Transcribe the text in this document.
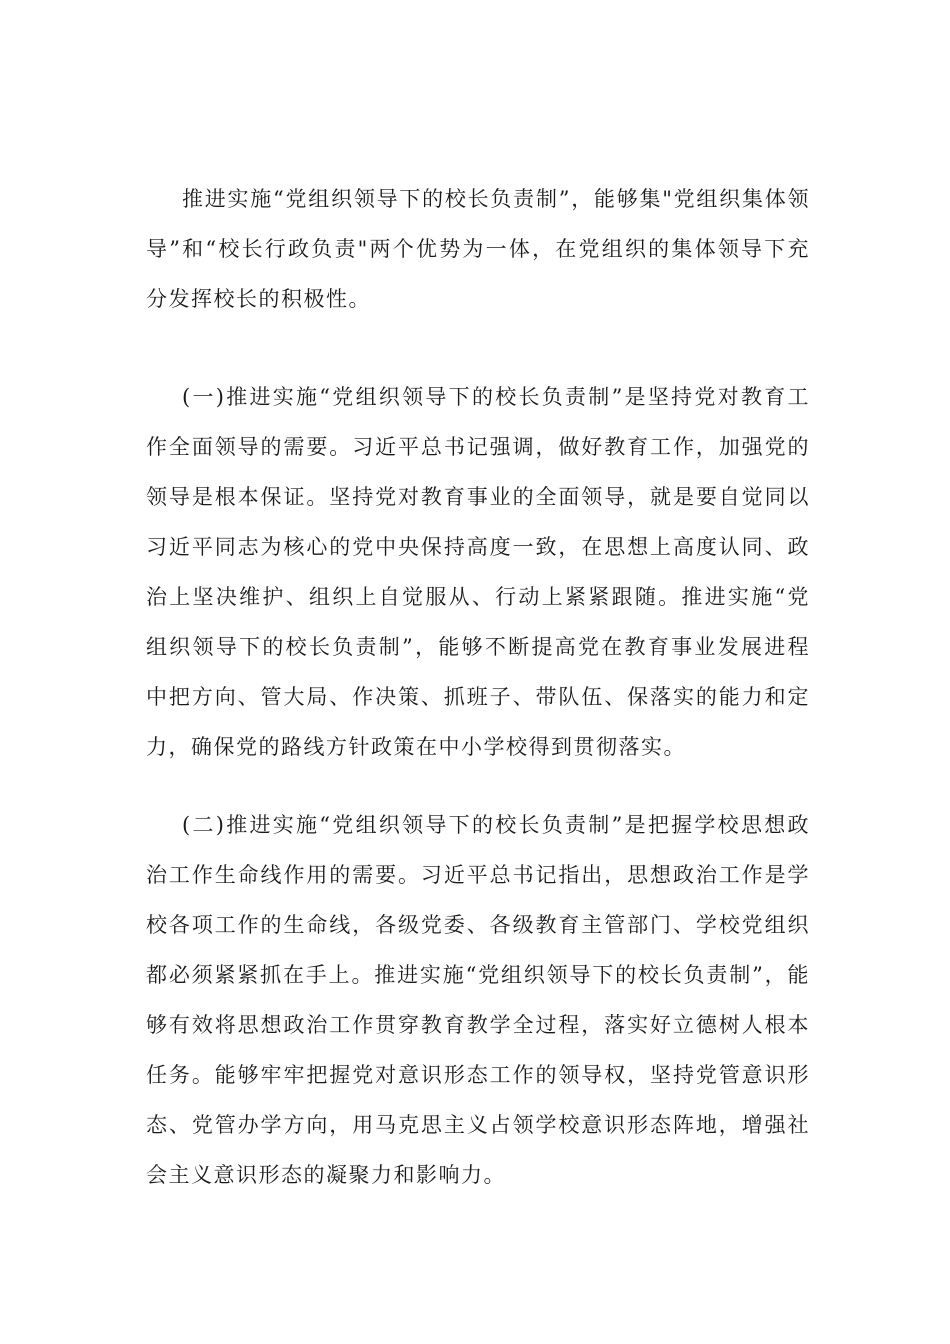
推进实施“党组织领导下的校长负责制”，能够集"党组织集体领导”和“校长行政负责"两个优势为一体，在党组织的集体领导下充分发挥校长的积极性。

(一)推进实施“党组织领导下的校长负责制”是坚持党对教育工作全面领导的需要。习近平总书记强调，做好教育工作，加强党的领导是根本保证。坚持党对教育事业的全面领导，就是要自觉同以习近平同志为核心的党中央保持高度一致，在思想上高度认同、政治上坚决维护、组织上自觉服从、行动上紧紧跟随。推进实施“党组织领导下的校长负责制”，能够不断提高党在教育事业发展进程中把方向、管大局、作决策、抓班子、带队伍、保落实的能力和定力，确保党的路线方针政策在中小学校得到贯彻落实。

(二)推进实施“党组织领导下的校长负责制”是把握学校思想政治工作生命线作用的需要。习近平总书记指出，思想政治工作是学校各项工作的生命线，各级党委、各级教育主管部门、学校党组织都必须紧紧抓在手上。推进实施“党组织领导下的校长负责制”，能够有效将思想政治工作贯穿教育教学全过程，落实好立德树人根本任务。能够牢牢把握党对意识形态工作的领导权，坚持党管意识形态、党管办学方向，用马克思主义占领学校意识形态阵地，增强社会主义意识形态的凝聚力和影响力。
